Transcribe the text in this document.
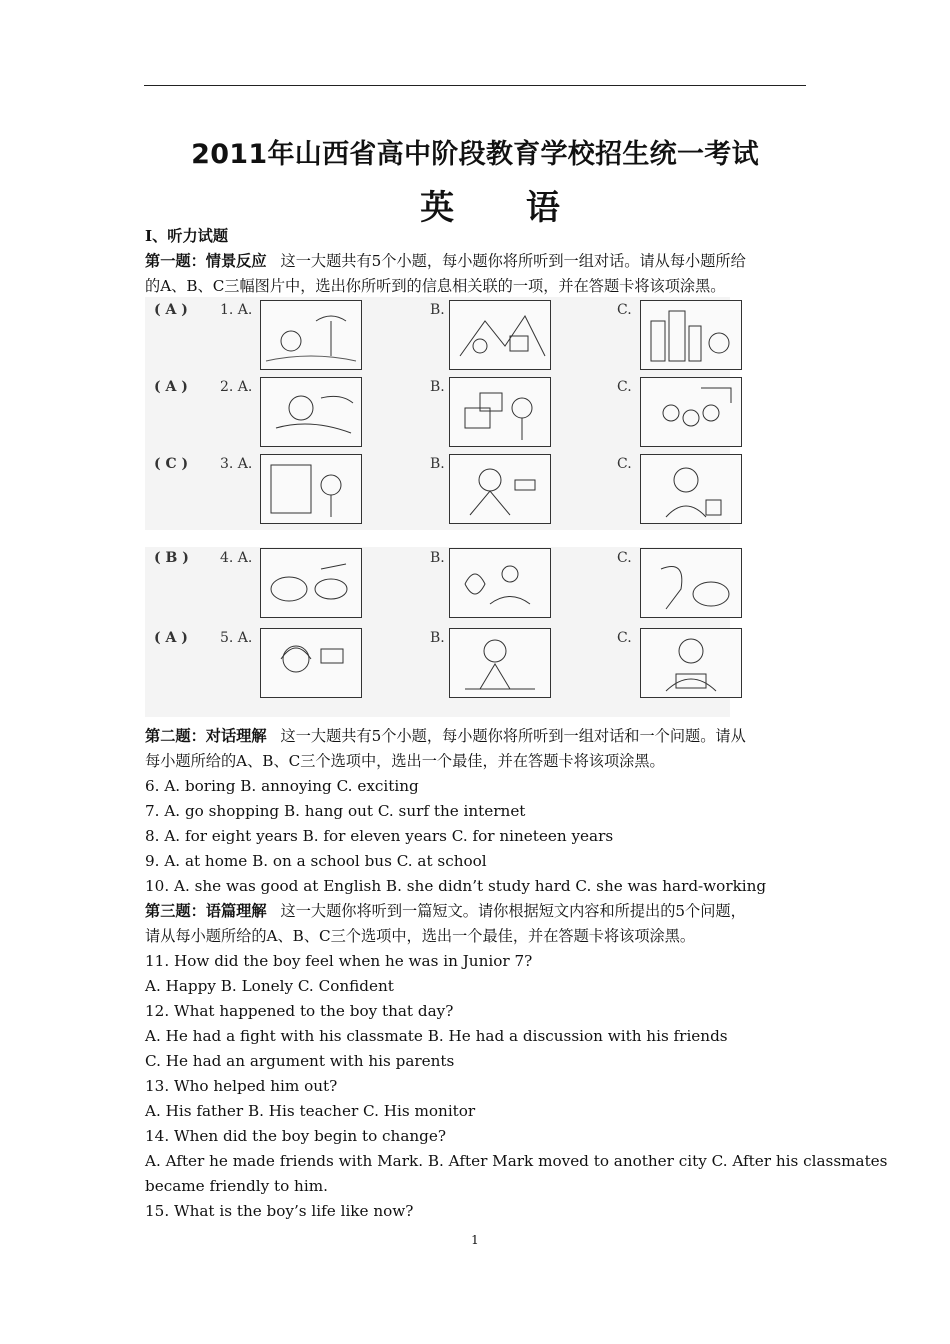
2011年山西省高中阶段教育学校招生统一考试
英 语
I、听力试题
第一题：情景反应 这一大题共有5个小题，每小题你将所听到一组对话。请从每小题所给
的A、B、C三幅图片中，选出你所听到的信息相关联的一项，并在答题卡将该项涂黑。
( A ) 1. A.	B.	C.
( A ) 2. A.	B.	C.
( C ) 3. A.	B.	C.
( B ) 4. A.	B.	C.
( A ) 5. A.	B.	C.
第二题：对话理解 这一大题共有5个小题，每小题你将所听到一组对话和一个问题。请从
每小题所给的A、B、C三个选项中，选出一个最佳，并在答题卡将该项涂黑。
6. A. boring B. annoying C. exciting
7. A. go shopping B. hang out C. surf the internet
8. A. for eight years B. for eleven years C. for nineteen years
9. A. at home B. on a school bus C. at school
10. A. she was good at English B. she didn’t study hard C. she was hard-working
第三题：语篇理解 这一大题你将听到一篇短文。请你根据短文内容和所提出的5个问题，
请从每小题所给的A、B、C三个选项中，选出一个最佳，并在答题卡将该项涂黑。
11. How did the boy feel when he was in Junior 7?
A. Happy B. Lonely C. Confident
12. What happened to the boy that day?
A. He had a fight with his classmate B. He had a discussion with his friends
C. He had an argument with his parents
13. Who helped him out?
A. His father B. His teacher C. His monitor
14. When did the boy begin to change?
A. After he made friends with Mark. B. After Mark moved to another city C. After his classmates
became friendly to him.
15. What is the boy’s life like now?
1
